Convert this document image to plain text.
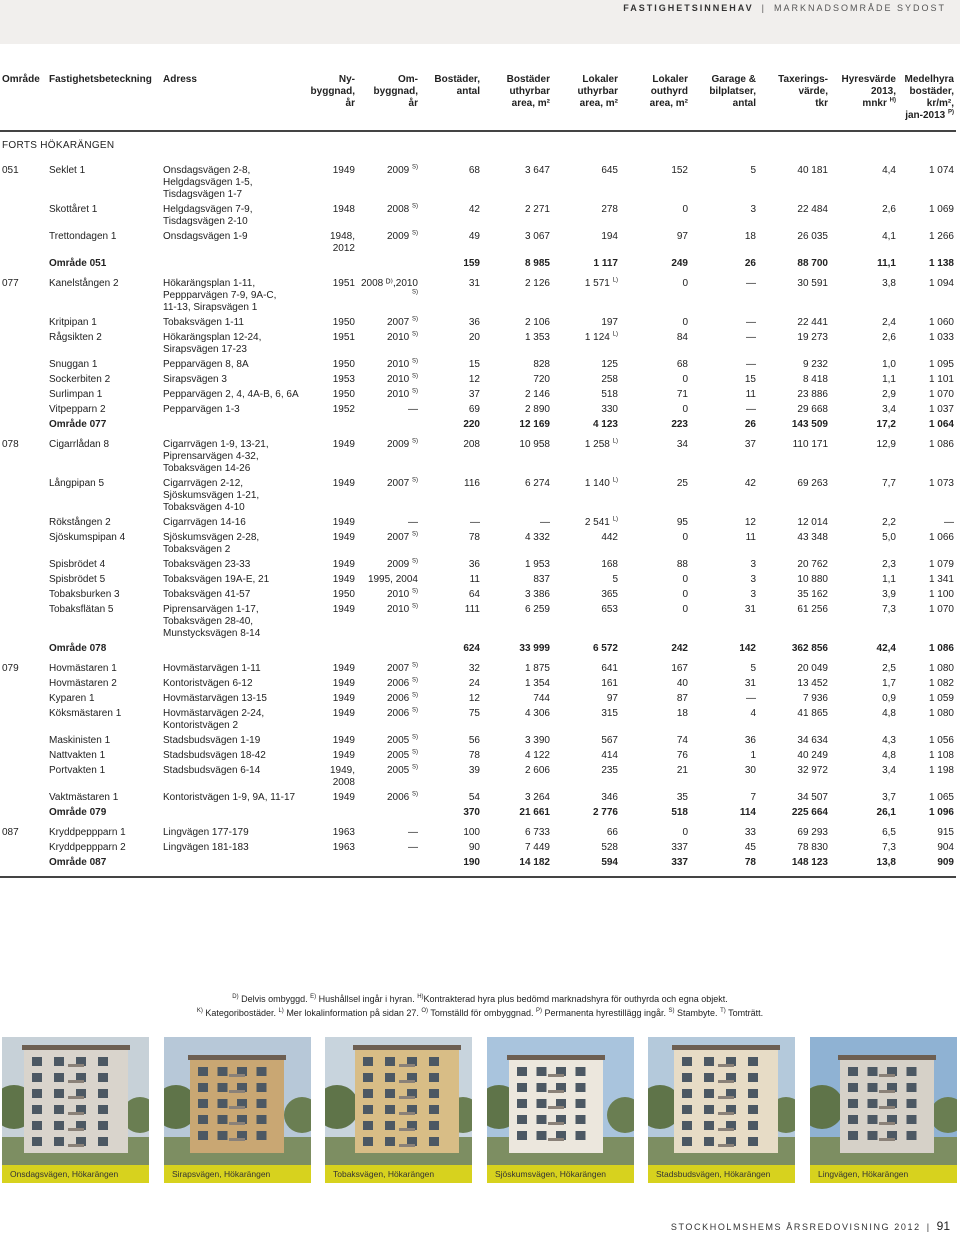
FASTIGHETSINNEHAV | MARKNADSOMRÅDE SYDOST
Område	Fastighetsbeteckning	Adress	Ny-
byggnad,
år	Om-
byggnad,
år	Bostäder,
antal	Bostäder
uthyrbar
area, m²	Lokaler
uthyrbar
area, m²	Lokaler
outhyrd
area, m²	Garage &
bilplatser,
antal	Taxerings-
värde,
tkr	Hyresvärde
2013,
mnkr $^{H)}$	Medelhyra
bostäder,
kr/m²,
jan-2013 $^{P)}$

FORTS HÖKARÄNGEN												
051	Seklet 1	Onsdagsvägen 2-8,
Helgdagsvägen 1-5,
Tisdagsvägen 1-7	1949	2009 $^{S)}$	68	3 647	645	152	5	40 181	4,4	1 074
	Skottåret 1	Helgdagsvägen 7-9,
Tisdagsvägen 2-10	1948	2008 $^{S)}$	42	2 271	278	0	3	22 484	2,6	1 069
	Trettondagen 1	Onsdagsvägen 1-9	1948, 2012	2009 $^{S)}$	49	3 067	194	97	18	26 035	4,1	1 266
	Område 051				159	8 985	1 117	249	26	88 700	11,1	1 138
077	Kanelstången 2	Hökarängsplan 1-11,
Peppparvägen 7-9, 9A-C,
11-13, Sirapsvägen 1	1951	2008 ᴰ⁾,2010 $^{S)}$	31	2 126	1 571 $^{L)}$	0	—	30 591	3,8	1 094
	Kritpipan 1	Tobaksvägen 1-11	1950	2007 $^{S)}$	36	2 106	197	0	—	22 441	2,4	1 060
	Rågsikten 2	Hökarängsplan 12-24,
Sirapsvägen 17-23	1951	2010 $^{S)}$	20	1 353	1 124 $^{L)}$	84	—	19 273	2,6	1 033
	Snuggan 1	Pepparvägen 8, 8A	1950	2010 $^{S)}$	15	828	125	68	—	9 232	1,0	1 095
	Sockerbiten 2	Sirapsvägen 3	1953	2010 $^{S)}$	12	720	258	0	15	8 418	1,1	1 101
	Surlimpan 1	Pepparvägen 2, 4, 4A-B, 6, 6A	1950	2010 $^{S)}$	37	2 146	518	71	11	23 886	2,9	1 070
	Vitpepparn 2	Pepparvägen 1-3	1952	—	69	2 890	330	0	—	29 668	3,4	1 037
	Område 077				220	12 169	4 123	223	26	143 509	17,2	1 064
078	Cigarrlådan 8	Cigarrvägen 1-9, 13-21,
Piprensarvägen 4-32,
Tobaksvägen 14-26	1949	2009 $^{S)}$	208	10 958	1 258 $^{L)}$	34	37	110 171	12,9	1 086
	Långpipan 5	Cigarrvägen 2-12,
Sjöskumsvägen 1-21,
Tobaksvägen 4-10	1949	2007 $^{S)}$	116	6 274	1 140 $^{L)}$	25	42	69 263	7,7	1 073
	Rökstången 2	Cigarrvägen 14-16	1949	—	—	—	2 541 $^{L)}$	95	12	12 014	2,2	—
	Sjöskumspipan 4	Sjöskumsvägen 2-28,
Tobaksvägen 2	1949	2007 $^{S)}$	78	4 332	442	0	11	43 348	5,0	1 066
	Spisbrödet 4	Tobaksvägen 23-33	1949	2009 $^{S)}$	36	1 953	168	88	3	20 762	2,3	1 079
	Spisbrödet 5	Tobaksvägen 19A-E, 21	1949	1995, 2004	11	837	5	0	3	10 880	1,1	1 341
	Tobaksburken 3	Tobaksvägen 41-57	1950	2010 $^{S)}$	64	3 386	365	0	3	35 162	3,9	1 100
	Tobaksflätan 5	Piprensarvägen 1-17,
Tobaksvägen 28-40,
Munstycksvägen 8-14	1949	2010 $^{S)}$	111	6 259	653	0	31	61 256	7,3	1 070
	Område 078				624	33 999	6 572	242	142	362 856	42,4	1 086
079	Hovmästaren 1	Hovmästarvägen 1-11	1949	2007 $^{S)}$	32	1 875	641	167	5	20 049	2,5	1 080
	Hovmästaren 2	Kontoristvägen 6-12	1949	2006 $^{S)}$	24	1 354	161	40	31	13 452	1,7	1 082
	Kyparen 1	Hovmästarvägen 13-15	1949	2006 $^{S)}$	12	744	97	87	—	7 936	0,9	1 059
	Köksmästaren 1	Hovmästarvägen 2-24,
Kontoristvägen 2	1949	2006 $^{S)}$	75	4 306	315	18	4	41 865	4,8	1 080
	Maskinisten 1	Stadsbudsvägen 1-19	1949	2005 $^{S)}$	56	3 390	567	74	36	34 634	4,3	1 056
	Nattvakten 1	Stadsbudsvägen 18-42	1949	2005 $^{S)}$	78	4 122	414	76	1	40 249	4,8	1 108
	Portvakten 1	Stadsbudsvägen 6-14	1949, 2008	2005 $^{S)}$	39	2 606	235	21	30	32 972	3,4	1 198
	Vaktmästaren 1	Kontoristvägen 1-9, 9A, 11-17	1949	2006 $^{S)}$	54	3 264	346	35	7	34 507	3,7	1 065
	Område 079				370	21 661	2 776	518	114	225 664	26,1	1 096
087	Kryddpeppparn 1	Lingvägen 177-179	1963	—	100	6 733	66	0	33	69 293	6,5	915
	Kryddpeppparn 2	Lingvägen 181-183	1963	—	90	7 449	528	337	45	78 830	7,3	904
	Område 087				190	14 182	594	337	78	148 123	13,8	909

$^{D)}$ Delvis ombyggd. $^{E)}$ Hushållsel ingår i hyran. $^{H)}$Kontrakterad hyra plus bedömd marknadshyra för outhyrda och egna objekt.
$^{K)}$ Kategoribostäder. $^{L)}$ Mer lokalinformation på sidan 27. $^{O)}$ Tomställd för ombyggnad. $^{P)}$ Permanenta hyrestillägg ingår. $^{S)}$ Stambyte. $^{T)}$ Tomträtt.
Onsdagsvägen, Hökarängen	Sirapsvägen, Hökarängen	Tobaksvägen, Hökarängen	Sjöskumsvägen, Hökarängen	Stadsbudsvägen, Hökarängen	Lingvägen, Hökarängen
STOCKHOLMSHEMS ÅRSREDOVISNING 2012 | 91
